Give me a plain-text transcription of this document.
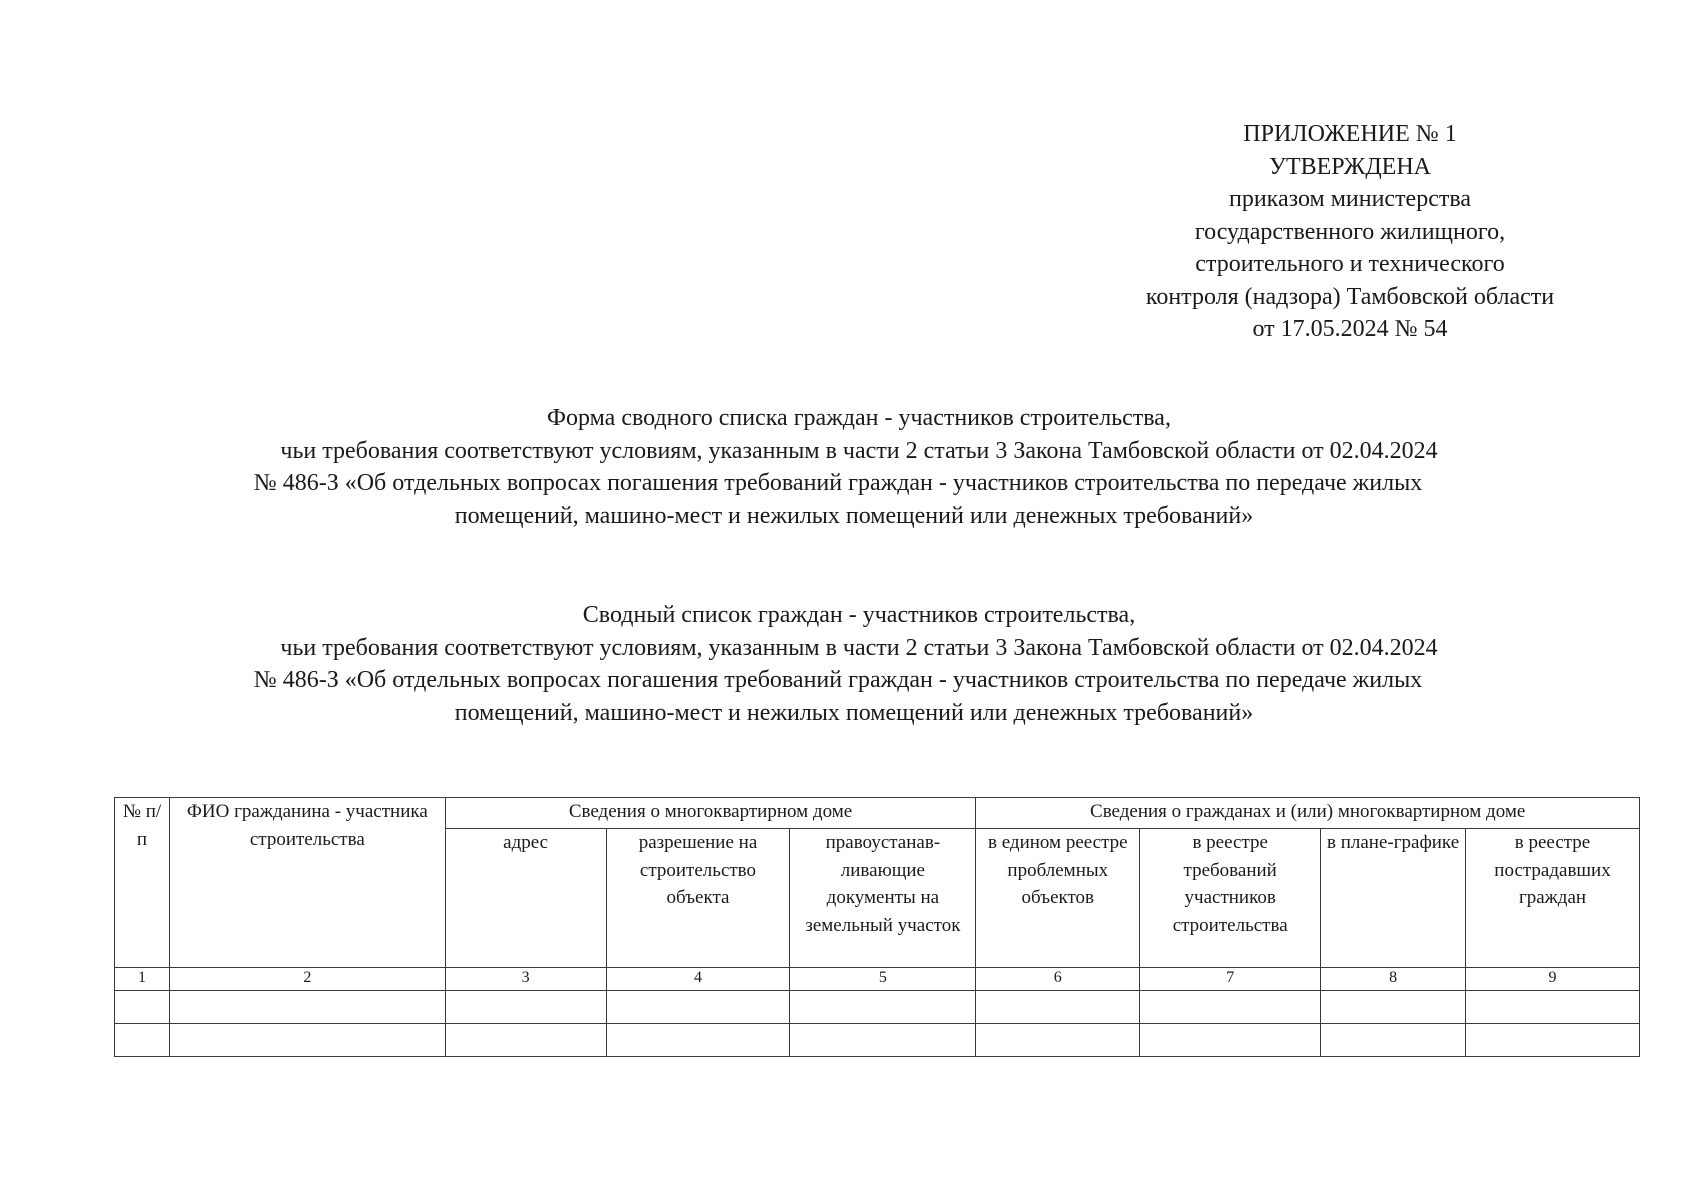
ПРИЛОЖЕНИЕ № 1
УТВЕРЖДЕНА
приказом министерства
государственного жилищного,
строительного и технического
контроля (надзора) Тамбовской области
от 17.05.2024 № 54
Форма сводного списка граждан - участников строительства,
чьи требования соответствуют условиям, указанным в части 2 статьи 3 Закона Тамбовской области от 02.04.2024
№ 486-З «Об отдельных вопросах погашения требований граждан - участников строительства по передаче жилых
помещений, машино-мест и нежилых помещений или денежных требований»
Сводный список граждан - участников строительства,
чьи требования соответствуют условиям, указанным в части 2 статьи 3 Закона Тамбовской области от 02.04.2024
№ 486-З «Об отдельных вопросах погашения требований граждан - участников строительства по передаче жилых
помещений, машино-мест и нежилых помещений или денежных требований»
№ п/п	ФИО гражданина - участника строительства	Сведения о многоквартирном доме			Сведения о гражданах и (или) многоквартирном доме			
		адрес	разрешение на строительство объекта	правоустанав-ливающие документы на земельный участок	в едином реестре проблемных объектов	в реестре требований участников строительства	в плане-графике	в реестре пострадавших граждан
1	2	3	4	5	6	7	8	9
